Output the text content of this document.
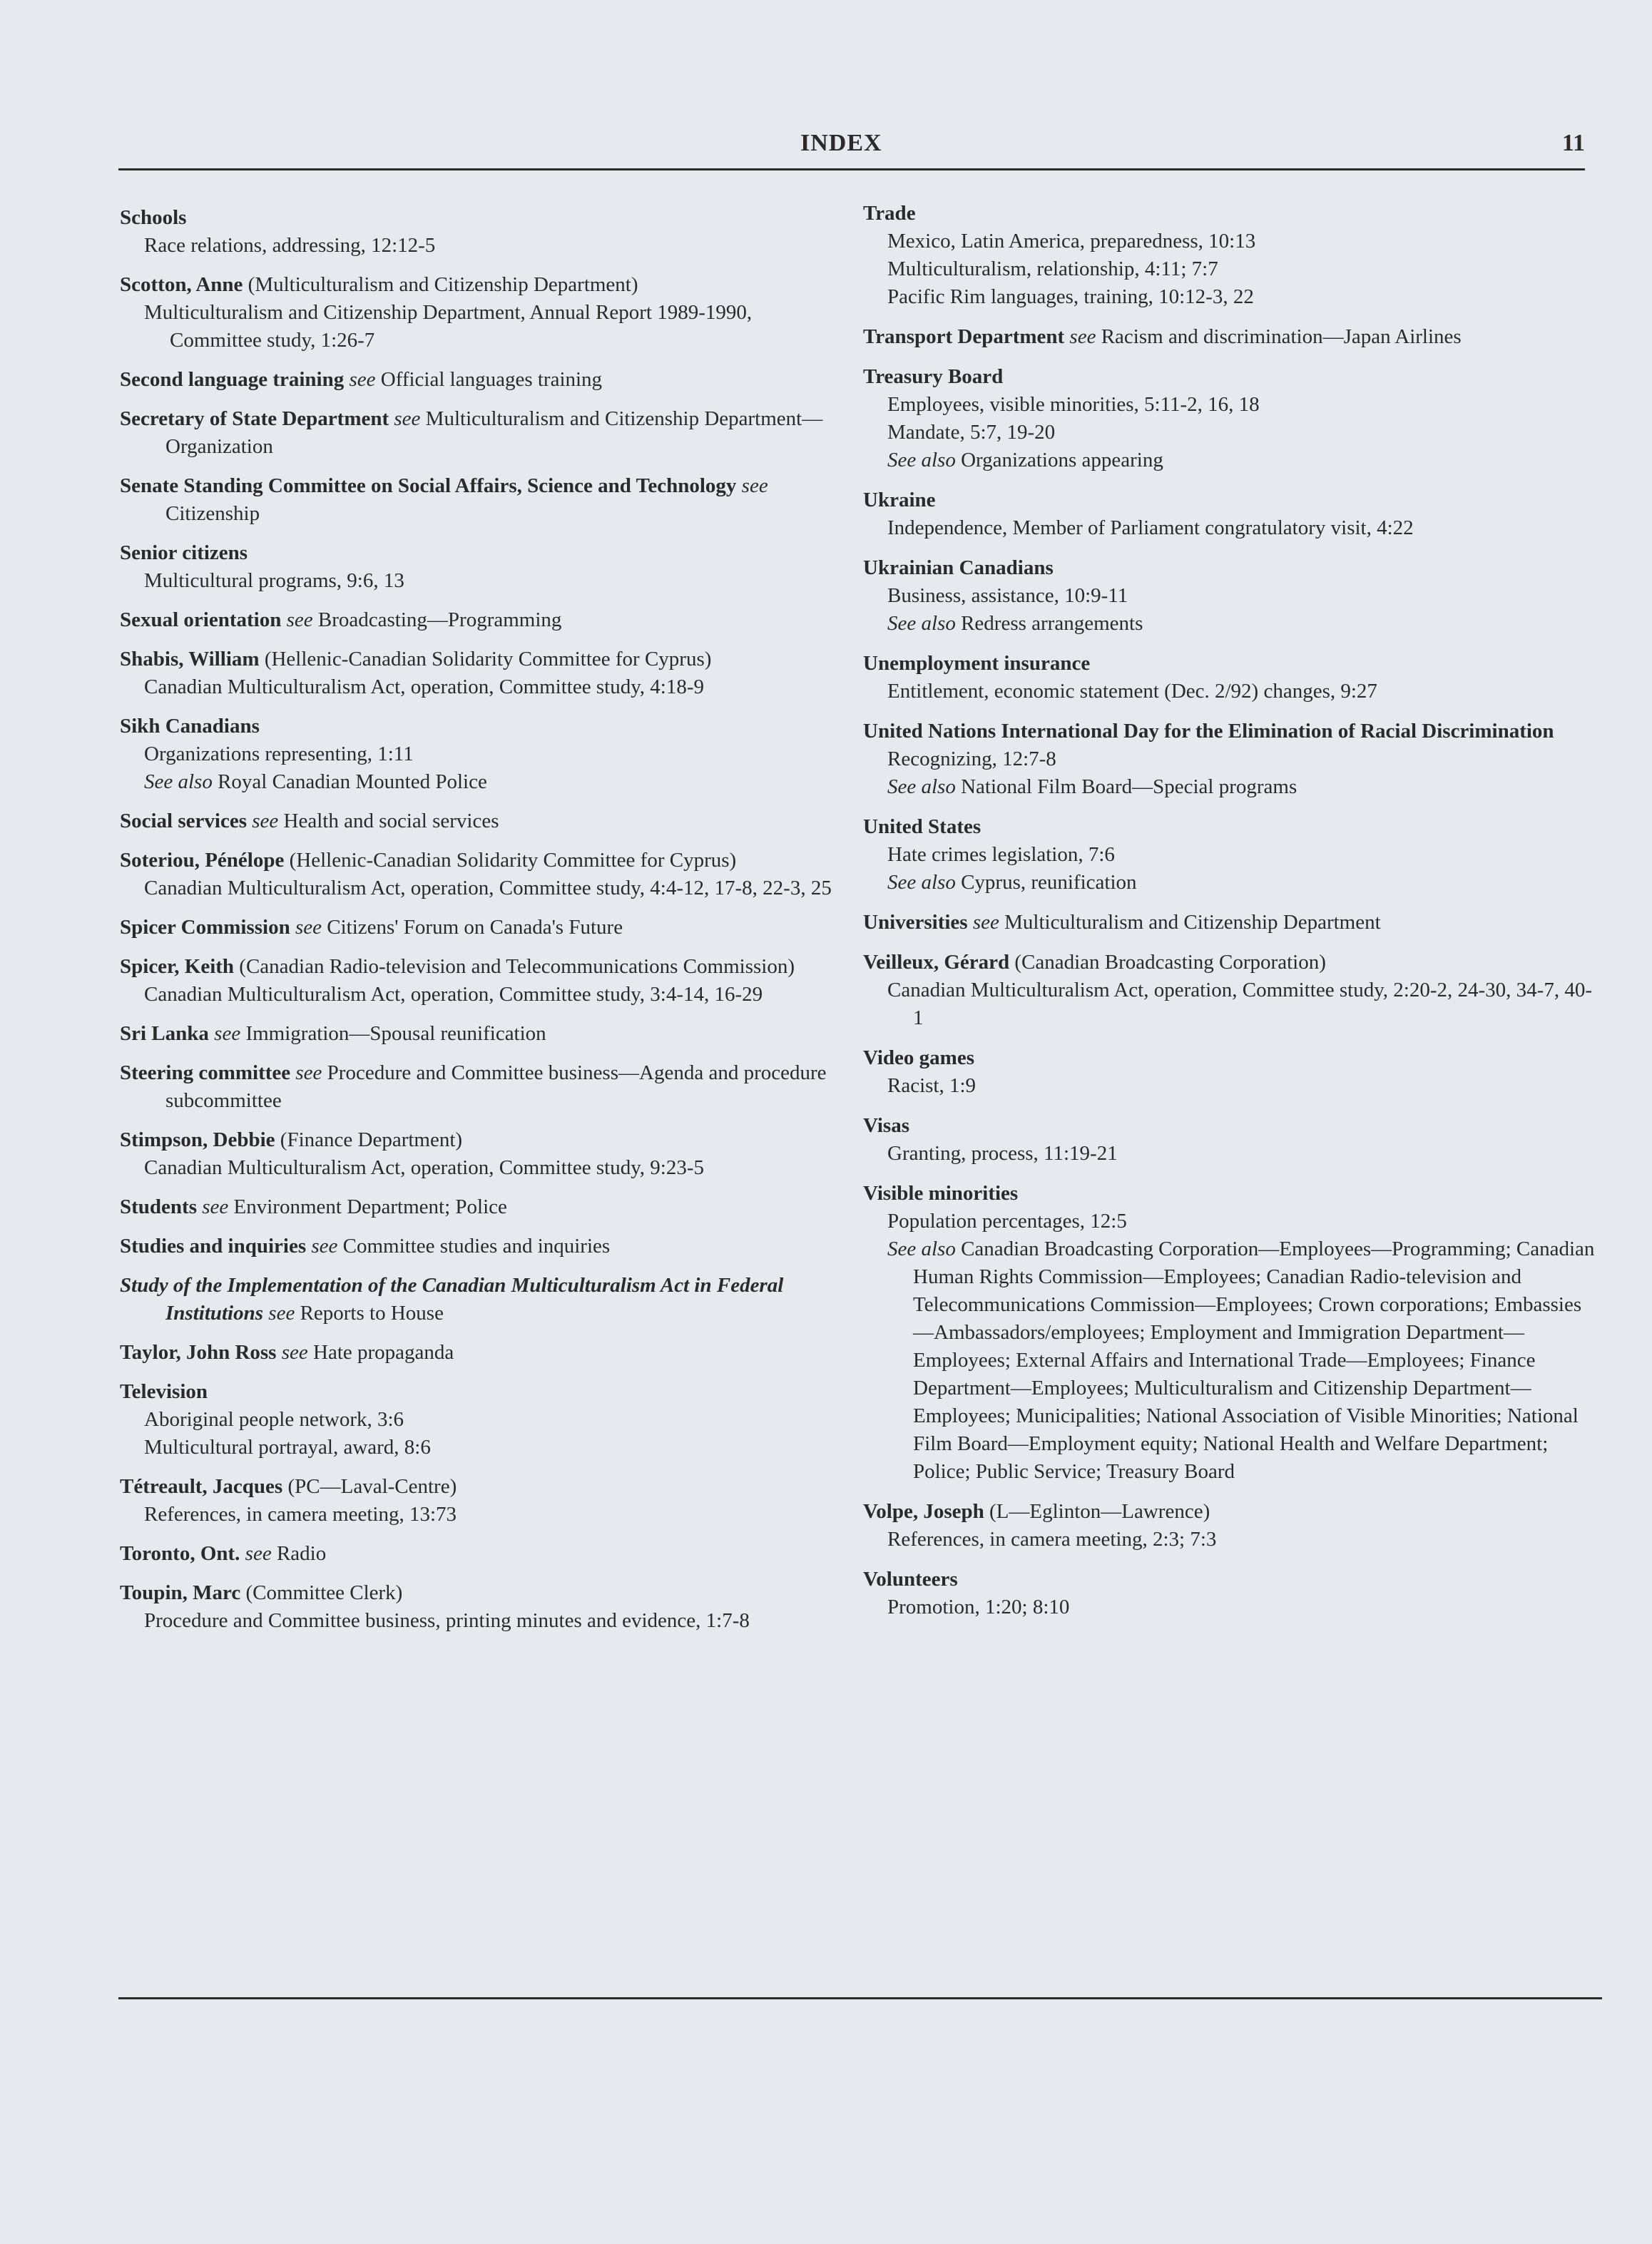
INDEX	11
Schools
Race relations, addressing, 12:12-5
Scotton, Anne (Multiculturalism and Citizenship Department)
Multiculturalism and Citizenship Department, Annual Report 1989-1990, Committee study, 1:26-7
Second language training see Official languages training
Secretary of State Department see Multiculturalism and Citizenship Department—Organization
Senate Standing Committee on Social Affairs, Science and Technology see Citizenship
Senior citizens
Multicultural programs, 9:6, 13
Sexual orientation see Broadcasting—Programming
Shabis, William (Hellenic-Canadian Solidarity Committee for Cyprus)
Canadian Multiculturalism Act, operation, Committee study, 4:18-9
Sikh Canadians
Organizations representing, 1:11
See also Royal Canadian Mounted Police
Social services see Health and social services
Soteriou, Pénélope (Hellenic-Canadian Solidarity Committee for Cyprus)
Canadian Multiculturalism Act, operation, Committee study, 4:4-12, 17-8, 22-3, 25
Spicer Commission see Citizens' Forum on Canada's Future
Spicer, Keith (Canadian Radio-television and Telecommunications Commission)
Canadian Multiculturalism Act, operation, Committee study, 3:4-14, 16-29
Sri Lanka see Immigration—Spousal reunification
Steering committee see Procedure and Committee business—Agenda and procedure subcommittee
Stimpson, Debbie (Finance Department)
Canadian Multiculturalism Act, operation, Committee study, 9:23-5
Students see Environment Department; Police
Studies and inquiries see Committee studies and inquiries
Study of the Implementation of the Canadian Multiculturalism Act in Federal Institutions see Reports to House
Taylor, John Ross see Hate propaganda
Television
Aboriginal people network, 3:6
Multicultural portrayal, award, 8:6
Tétreault, Jacques (PC—Laval-Centre)
References, in camera meeting, 13:73
Toronto, Ont. see Radio
Toupin, Marc (Committee Clerk)
Procedure and Committee business, printing minutes and evidence, 1:7-8
Trade
Mexico, Latin America, preparedness, 10:13
Multiculturalism, relationship, 4:11; 7:7
Pacific Rim languages, training, 10:12-3, 22
Transport Department see Racism and discrimination—Japan Airlines
Treasury Board
Employees, visible minorities, 5:11-2, 16, 18
Mandate, 5:7, 19-20
See also Organizations appearing
Ukraine
Independence, Member of Parliament congratulatory visit, 4:22
Ukrainian Canadians
Business, assistance, 10:9-11
See also Redress arrangements
Unemployment insurance
Entitlement, economic statement (Dec. 2/92) changes, 9:27
United Nations International Day for the Elimination of Racial Discrimination
Recognizing, 12:7-8
See also National Film Board—Special programs
United States
Hate crimes legislation, 7:6
See also Cyprus, reunification
Universities see Multiculturalism and Citizenship Department
Veilleux, Gérard (Canadian Broadcasting Corporation)
Canadian Multiculturalism Act, operation, Committee study, 2:20-2, 24-30, 34-7, 40-1
Video games
Racist, 1:9
Visas
Granting, process, 11:19-21
Visible minorities
Population percentages, 12:5
See also Canadian Broadcasting Corporation—Employees—Programming; Canadian Human Rights Commission—Employees; Canadian Radio-television and Telecommunications Commission—Employees; Crown corporations; Embassies—Ambassadors/employees; Employment and Immigration Department—Employees; External Affairs and International Trade—Employees; Finance Department—Employees; Multiculturalism and Citizenship Department—Employees; Municipalities; National Association of Visible Minorities; National Film Board—Employment equity; National Health and Welfare Department; Police; Public Service; Treasury Board
Volpe, Joseph (L—Eglinton—Lawrence)
References, in camera meeting, 2:3; 7:3
Volunteers
Promotion, 1:20; 8:10
